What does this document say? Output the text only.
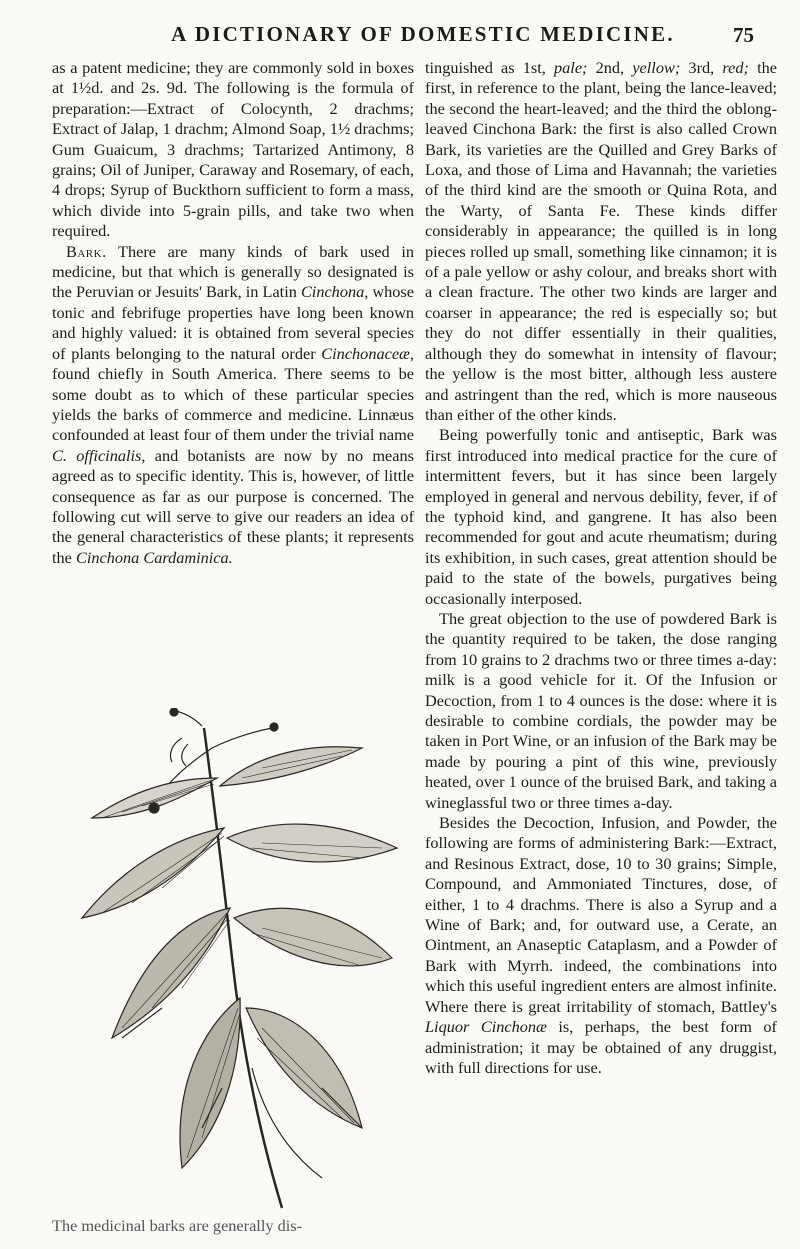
A DICTIONARY OF DOMESTIC MEDICINE.	75

as a patent medicine; they are commonly sold in boxes at 1½d. and 2s. 9d. The following is the formula of preparation:—Extract of Colocynth, 2 drachms; Extract of Jalap, 1 drachm; Almond Soap, 1½ drachms; Gum Guaicum, 3 drachms; Tartarized Antimony, 8 grains; Oil of Juniper, Caraway and Rosemary, of each, 4 drops; Syrup of Buckthorn sufficient to form a mass, which divide into 5-grain pills, and take two when required.

Bark. There are many kinds of bark used in medicine, but that which is generally so designated is the Peruvian or Jesuits' Bark, in Latin Cinchona, whose tonic and febrifuge properties have long been known and highly valued: it is obtained from several species of plants belonging to the natural order Cinchonaceæ, found chiefly in South America. There seems to be some doubt as to which of these particular species yields the barks of commerce and medicine. Linnæus confounded at least four of them under the trivial name C. officinalis, and botanists are now by no means agreed as to specific identity. This is, however, of little consequence as far as our purpose is concerned. The following cut will serve to give our readers an idea of the general characteristics of these plants; it represents the Cinchona Cardaminica.

The medicinal barks are generally dis-

tinguished as 1st, pale; 2nd, yellow; 3rd, red; the first, in reference to the plant, being the lance-leaved; the second the heart-leaved; and the third the oblong-leaved Cinchona Bark: the first is also called Crown Bark, its varieties are the Quilled and Grey Barks of Loxa, and those of Lima and Havannah; the varieties of the third kind are the smooth or Quina Rota, and the Warty, of Santa Fe. These kinds differ considerably in appearance; the quilled is in long pieces rolled up small, something like cinnamon; it is of a pale yellow or ashy colour, and breaks short with a clean fracture. The other two kinds are larger and coarser in appearance; the red is especially so; but they do not differ essentially in their qualities, although they do somewhat in intensity of flavour; the yellow is the most bitter, although less austere and astringent than the red, which is more nauseous than either of the other kinds.

Being powerfully tonic and antiseptic, Bark was first introduced into medical practice for the cure of intermittent fevers, but it has since been largely employed in general and nervous debility, fever, if of the typhoid kind, and gangrene. It has also been recommended for gout and acute rheumatism; during its exhibition, in such cases, great attention should be paid to the state of the bowels, purgatives being occasionally interposed.

The great objection to the use of powdered Bark is the quantity required to be taken, the dose ranging from 10 grains to 2 drachms two or three times a-day: milk is a good vehicle for it. Of the Infusion or Decoction, from 1 to 4 ounces is the dose: where it is desirable to combine cordials, the powder may be taken in Port Wine, or an infusion of the Bark may be made by pouring a pint of this wine, previously heated, over 1 ounce of the bruised Bark, and taking a wineglassful two or three times a-day.

Besides the Decoction, Infusion, and Powder, the following are forms of administering Bark:—Extract, and Resinous Extract, dose, 10 to 30 grains; Simple, Compound, and Ammoniated Tinctures, dose, of either, 1 to 4 drachms. There is also a Syrup and a Wine of Bark; and, for outward use, a Cerate, an Ointment, an Anaseptic Cataplasm, and a Powder of Bark with Myrrh. indeed, the combinations into which this useful ingredient enters are almost infinite. Where there is great irritability of stomach, Battley's Liquor Cinchonæ is, perhaps, the best form of administration; it may be obtained of any druggist, with full directions for use.
